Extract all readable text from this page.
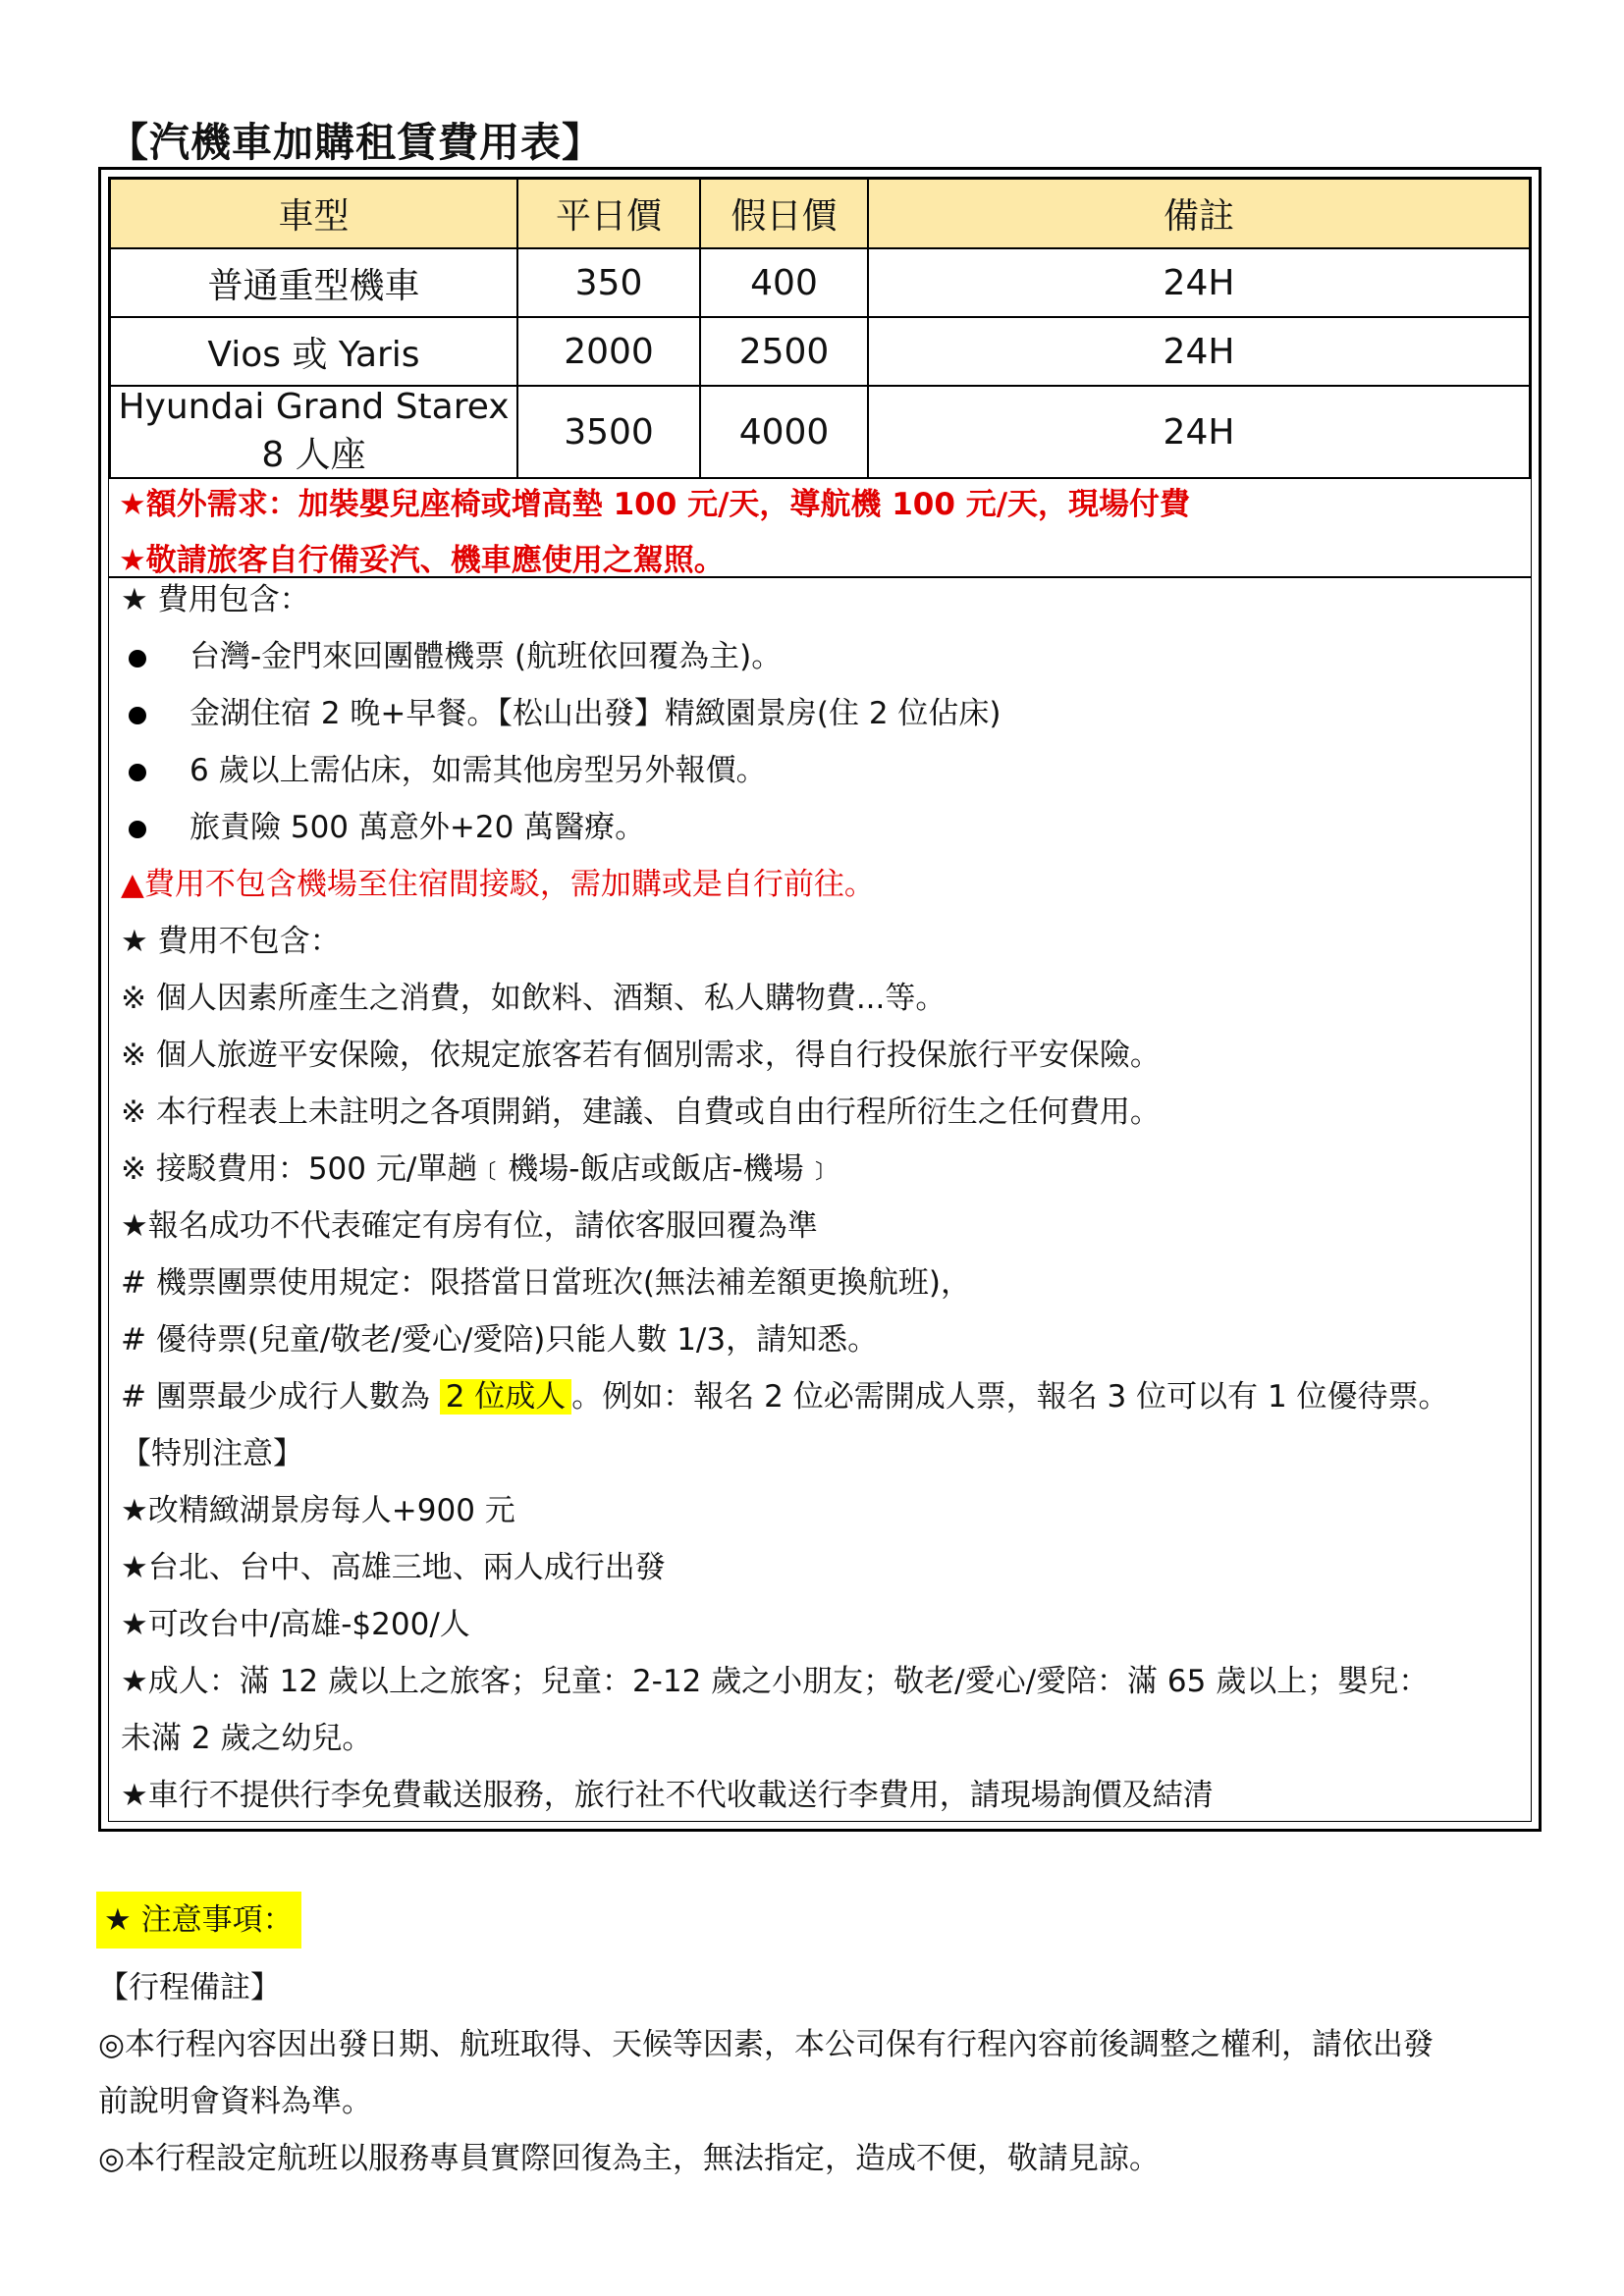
【汽機車加購租賃費用表】
車型	平日價	假日價	備註
普通重型機車	350	400	24H
Vios 或 Yaris	2000	2500	24H
Hyundai Grand Starex 8 人座	3500	4000	24H
★額外需求：加裝嬰兒座椅或增高墊 100 元/天，導航機 100 元/天，現場付費
★敬請旅客自行備妥汽、機車應使用之駕照。
★ 費用包含：
台灣-金門來回團體機票 (航班依回覆為主)。
金湖住宿 2 晚+早餐。【松山出發】精緻園景房(住 2 位佔床)
6 歲以上需佔床，如需其他房型另外報價。
旅責險 500 萬意外+20 萬醫療。
▲費用不包含機場至住宿間接駁，需加購或是自行前往。
★ 費用不包含：
※ 個人因素所產生之消費，如飲料、酒類、私人購物費...等。
※ 個人旅遊平安保險，依規定旅客若有個別需求，得自行投保旅行平安保險。
※ 本行程表上未註明之各項開銷，建議、自費或自由行程所衍生之任何費用。
※ 接駁費用：500 元/單趟﹝機場-飯店或飯店-機場﹞
★報名成功不代表確定有房有位，請依客服回覆為準
# 機票團票使用規定：限搭當日當班次(無法補差額更換航班)，
# 優待票(兒童/敬老/愛心/愛陪)只能人數 1/3，請知悉。
# 團票最少成行人數為 2 位成人 。例如：報名 2 位必需開成人票，報名 3 位可以有 1 位優待票。
【特別注意】
★改精緻湖景房每人+900 元
★台北、台中、高雄三地、兩人成行出發
★可改台中/高雄-$200/人
★成人：滿 12 歲以上之旅客；兒童：2-12 歲之小朋友；敬老/愛心/愛陪：滿 65 歲以上；嬰兒：
未滿 2 歲之幼兒。
★車行不提供行李免費載送服務，旅行社不代收載送行李費用，請現場詢價及結清
★ 注意事項：
【行程備註】
◎本行程內容因出發日期、航班取得、天候等因素，本公司保有行程內容前後調整之權利，請依出發
前說明會資料為準。
◎本行程設定航班以服務專員實際回復為主，無法指定，造成不便，敬請見諒。
